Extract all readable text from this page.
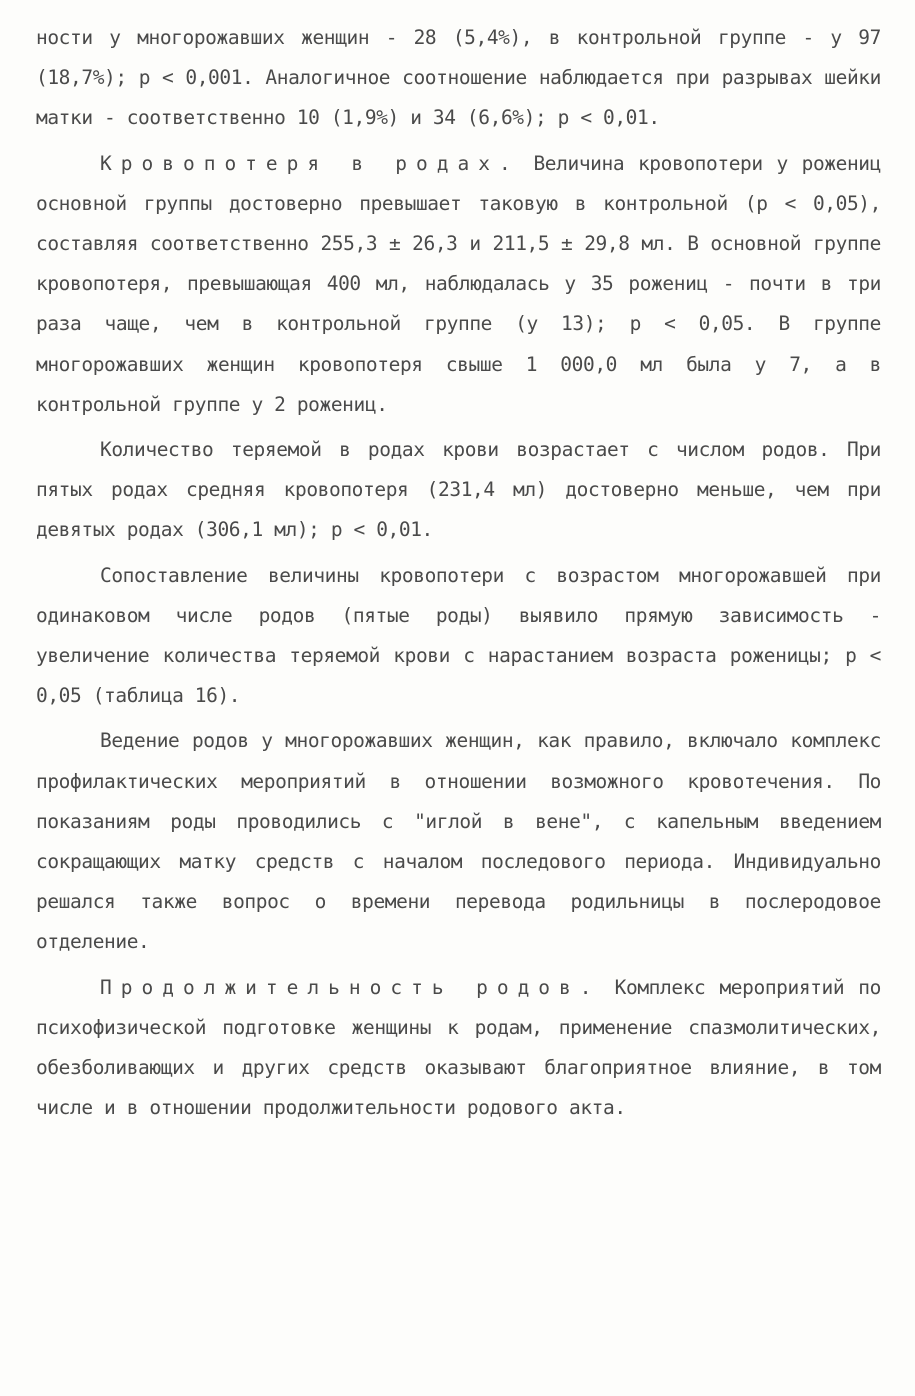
ности у многорожавших женщин - 28 (5,4%), в контрольной группе - у 97 (18,7%); р < 0,001. Аналогичное соотношение наблюдается при разрывах шейки матки - соответственно 10 (1,9%) и 34 (6,6%); р < 0,01.

Кровопотеря в родах. Величина кровопотери у рожениц основной группы достоверно превышает таковую в контрольной (р < 0,05), составляя соответственно 255,3 ± 26,3 и 211,5 ± 29,8 мл. В основной группе кровопотеря, превышающая 400 мл, наблюдалась у 35 рожениц - почти в три раза чаще, чем в контрольной группе (у 13); р < 0,05. В группе многорожавших женщин кровопотеря свыше 1 000,0 мл была у 7, а в контрольной группе у 2 рожениц.

Количество теряемой в родах крови возрастает с числом родов. При пятых родах средняя кровопотеря (231,4 мл) достоверно меньше, чем при девятых родах (306,1 мл); р < 0,01.

Сопоставление величины кровопотери с возрастом многорожавшей при одинаковом числе родов (пятые роды) выявило прямую зависимость - увеличение количества теряемой крови с нарастанием возраста роженицы; р < 0,05 (таблица 16).

Ведение родов у многорожавших женщин, как правило, включало комплекс профилактических мероприятий в отношении возможного кровотечения. По показаниям роды проводились с "иглой в вене", с капельным введением сокращающих матку средств с началом последового периода. Индивидуально решался также вопрос о времени перевода родильницы в послеродовое отделение.

Продолжительность родов. Комплекс мероприятий по психофизической подготовке женщины к родам, применение спазмолитических, обезболивающих и других средств оказывают благоприятное влияние, в том числе и в отношении продолжительности родового акта.
